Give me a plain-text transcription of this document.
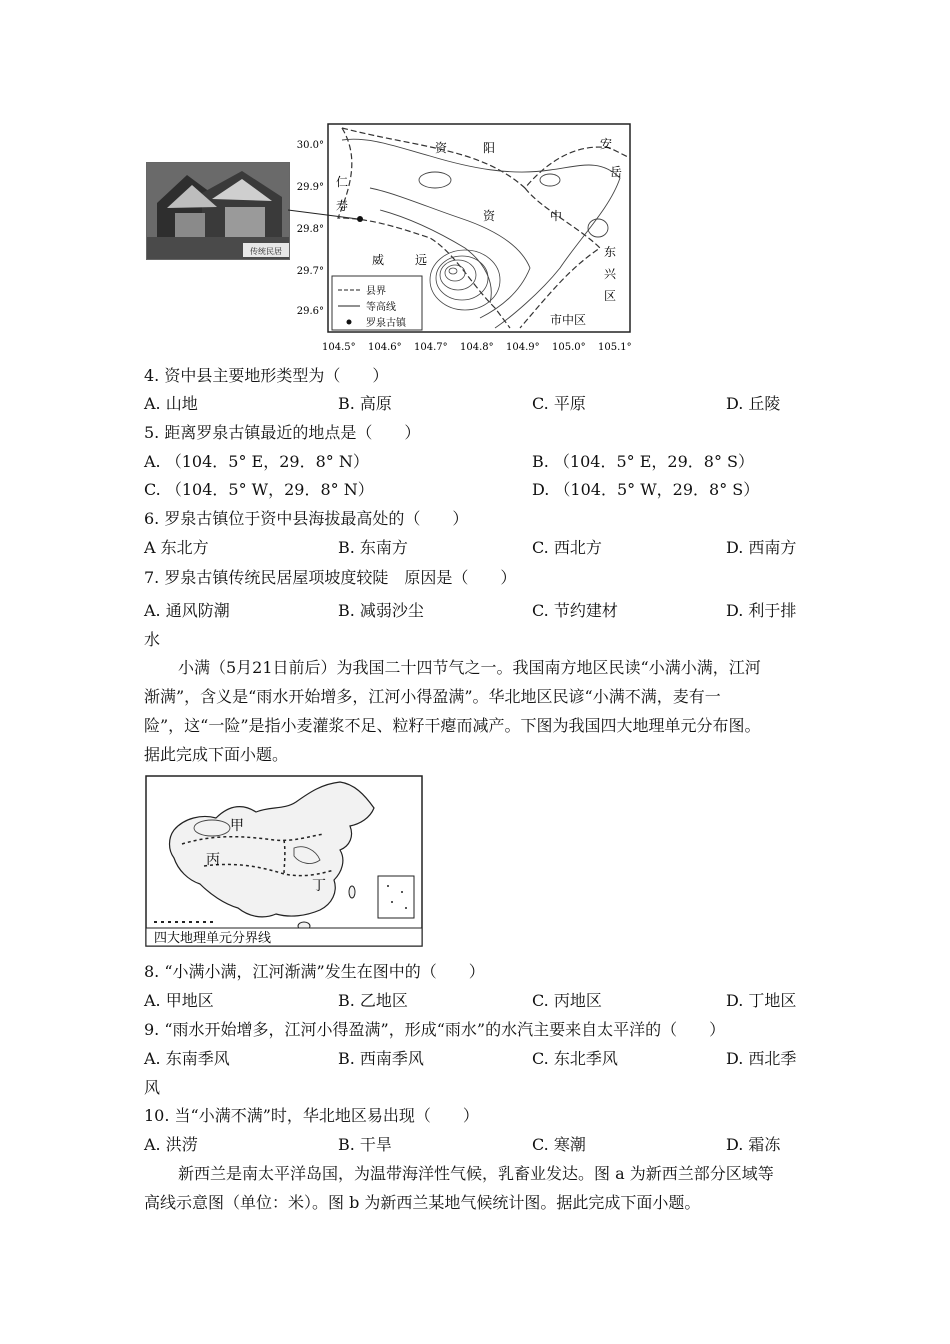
传统民居
资	阳	安
岳
仁
寿
资	中
威	远
东
兴
区
市中区
县界
等高线
罗泉古镇
30.0°
29.9°
29.8°
29.7°
29.6°
104.5° 104.6° 104.7° 104.8° 104.9° 105.0° 105.1°
4. 资中县主要地形类型为（　　）
A. 山地	B. 高原	C. 平原	D. 丘陵
5. 距离罗泉古镇最近的地点是（　　）
A. （104．5° E，29．8° N）	B. （104．5° E，29．8° S）
C. （104．5° W，29．8° N）	D. （104．5° W，29．8° S）
6. 罗泉古镇位于资中县海拔最高处的（　　）
A 东北方	B. 东南方	C. 西北方	D. 西南方
7. 罗泉古镇传统民居屋项坡度较陡　原因是（　　）
A. 通风防潮	B. 减弱沙尘	C. 节约建材	D. 利于排
水
小满（5月21日前后）为我国二十四节气之一。我国南方地区民读“小满小满，江河
渐满”，含义是“雨水开始增多，江河小得盈满”。华北地区民谚“小满不满，麦有一
险”，这“一险”是指小麦灌浆不足、粒籽干瘪而减产。下图为我国四大地理单元分布图。
据此完成下面小题。
甲
丙
丁
四大地理单元分界线
8. “小满小满，江河渐满”发生在图中的（　　）
A. 甲地区	B. 乙地区	C. 丙地区	D. 丁地区
9. “雨水开始增多，江河小得盈满”，形成“雨水”的水汽主要来自太平洋的（　　）
A. 东南季风	B. 西南季风	C. 东北季风	D. 西北季
风
10. 当“小满不满”时，华北地区易出现（　　）
A. 洪涝	B. 干旱	C. 寒潮	D. 霜冻
新西兰是南太平洋岛国，为温带海洋性气候，乳畜业发达。图 a 为新西兰部分区域等
高线示意图（单位：米）。图 b 为新西兰某地气候统计图。据此完成下面小题。
